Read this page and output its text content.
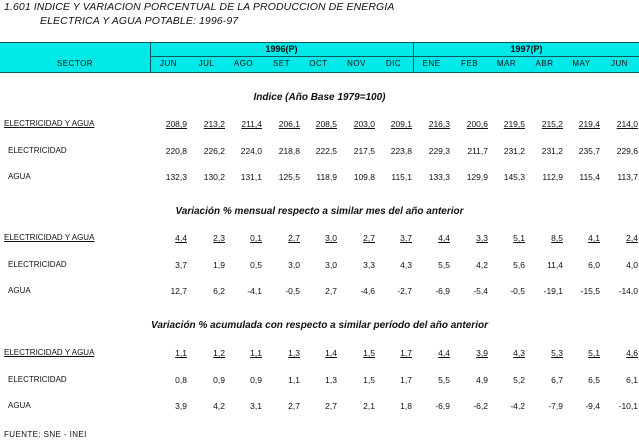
1.601 INDICE Y VARIACION PORCENTUAL DE LA PRODUCCION DE ENERGIA
ELECTRICA Y AGUA POTABLE: 1996-97
1996(P)	1997(P)
SECTOR	JUN	JUL	AGO	SET	OCT	NOV	DIC	ENE	FEB	MAR	ABR	MAY	JUN
Indice (Año Base 1979=100)
ELECTRICIDAD Y AGUA	208,9	213,2	211,4	206,1	208,5	203,0	209,1	216,3	200,6	219,5	215,2	219,4	214,0
ELECTRICIDAD	220,8	226,2	224,0	218,8	222,5	217,5	223,8	229,3	211,7	231,2	231,2	235,7	229,6
AGUA	132,3	130,2	131,1	125,5	118,9	109,8	115,1	133,3	129,9	145,3	112,9	115,4	113,7
Variación % mensual respecto a similar mes del año anterior
ELECTRICIDAD Y AGUA	4,4	2,3	0,1	2,7	3,0	2,7	3,7	4,4	3,3	5,1	8,5	4,1	2,4
ELECTRICIDAD	3,7	1,9	0,5	3,0	3,0	3,3	4,3	5,5	4,2	5,6	11,4	6,0	4,0
AGUA	12,7	6,2	-4,1	-0,5	2,7	-4,6	-2,7	-6,9	-5,4	-0,5	-19,1	-15,5	-14,0
Variación % acumulada con respecto a similar período del año anterior
ELECTRICIDAD Y AGUA	1,1	1,2	1,1	1,3	1,4	1,5	1,7	4,4	3,9	4,3	5,3	5,1	4,6
ELECTRICIDAD	0,8	0,9	0,9	1,1	1,3	1,5	1,7	5,5	4,9	5,2	6,7	6,5	6,1
AGUA	3,9	4,2	3,1	2,7	2,7	2,1	1,8	-6,9	-6,2	-4,2	-7,9	-9,4	-10,1
FUENTE: SNE - INEI
